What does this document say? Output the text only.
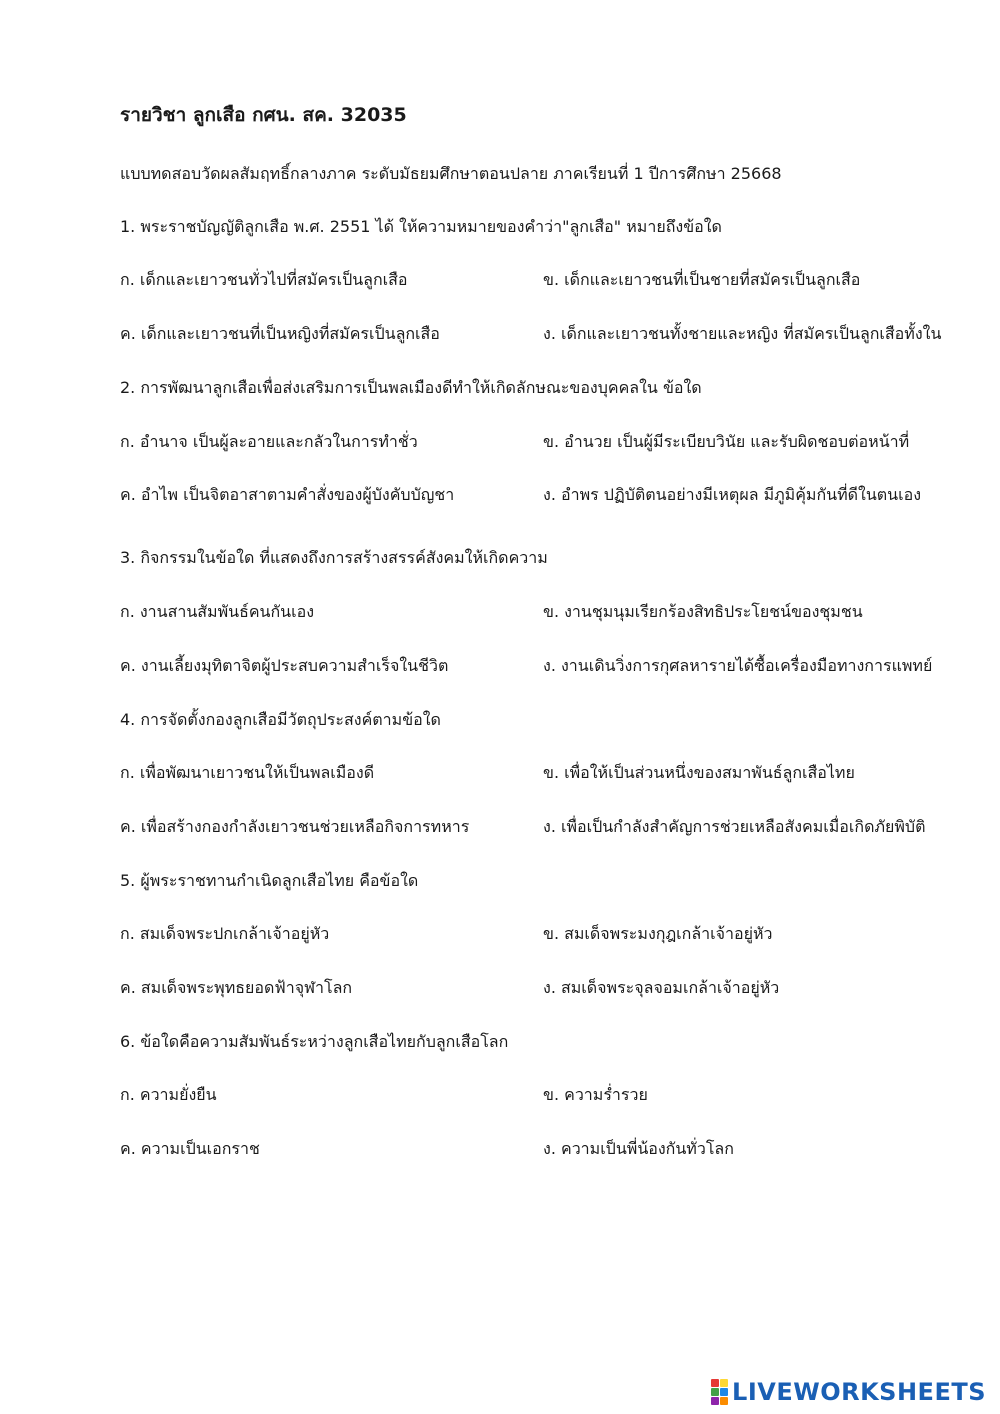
รายวิชา ลูกเสือ กศน. สค. 32035
แบบทดสอบวัดผลสัมฤทธิ์กลางภาค ระดับมัธยมศึกษาตอนปลาย ภาคเรียนที่ 1 ปีการศึกษา 25668
1. พระราชบัญญัติลูกเสือ พ.ศ. 2551 ได้ ให้ความหมายของคำว่า"ลูกเสือ" หมายถึงข้อใด
ก. เด็กและเยาวชนทั่วไปที่สมัครเป็นลูกเสือ	ข. เด็กและเยาวชนที่เป็นชายที่สมัครเป็นลูกเสือ
ค. เด็กและเยาวชนที่เป็นหญิงที่สมัครเป็นลูกเสือ	ง. เด็กและเยาวชนทั้งชายและหญิง ที่สมัครเป็นลูกเสือทั้งใน
2. การพัฒนาลูกเสือเพื่อส่งเสริมการเป็นพลเมืองดีทำให้เกิดลักษณะของบุคคลใน ข้อใด
ก. อำนาจ เป็นผู้ละอายและกลัวในการทำชั่ว	ข. อำนวย เป็นผู้มีระเบียบวินัย และรับผิดชอบต่อหน้าที่
ค. อำไพ เป็นจิตอาสาตามคำสั่งของผู้บังคับบัญชา	ง. อำพร ปฏิบัติตนอย่างมีเหตุผล มีภูมิคุ้มกันที่ดีในตนเอง
3. กิจกรรมในข้อใด ที่แสดงถึงการสร้างสรรค์สังคมให้เกิดความ
ก. งานสานสัมพันธ์คนกันเอง	ข. งานชุมนุมเรียกร้องสิทธิประโยชน์ของชุมชน
ค. งานเลี้ยงมุทิตาจิตผู้ประสบความสำเร็จในชีวิต	ง. งานเดินวิ่งการกุศลหารายได้ซื้อเครื่องมือทางการแพทย์
4. การจัดตั้งกองลูกเสือมีวัตถุประสงค์ตามข้อใด
ก. เพื่อพัฒนาเยาวชนให้เป็นพลเมืองดี	ข. เพื่อให้เป็นส่วนหนึ่งของสมาพันธ์ลูกเสือไทย
ค. เพื่อสร้างกองกำลังเยาวชนช่วยเหลือกิจการทหาร	ง. เพื่อเป็นกำลังสำคัญการช่วยเหลือสังคมเมื่อเกิดภัยพิบัติ
5. ผู้พระราชทานกำเนิดลูกเสือไทย คือข้อใด
ก. สมเด็จพระปกเกล้าเจ้าอยู่หัว	ข. สมเด็จพระมงกุฎเกล้าเจ้าอยู่หัว
ค. สมเด็จพระพุทธยอดฟ้าจุฬาโลก	ง. สมเด็จพระจุลจอมเกล้าเจ้าอยู่หัว
6. ข้อใดคือความสัมพันธ์ระหว่างลูกเสือไทยกับลูกเสือโลก
ก. ความยั่งยืน	ข. ความร่ำรวย
ค. ความเป็นเอกราช	ง. ความเป็นพี่น้องกันทั่วโลก
LIVEWORKSHEETS
